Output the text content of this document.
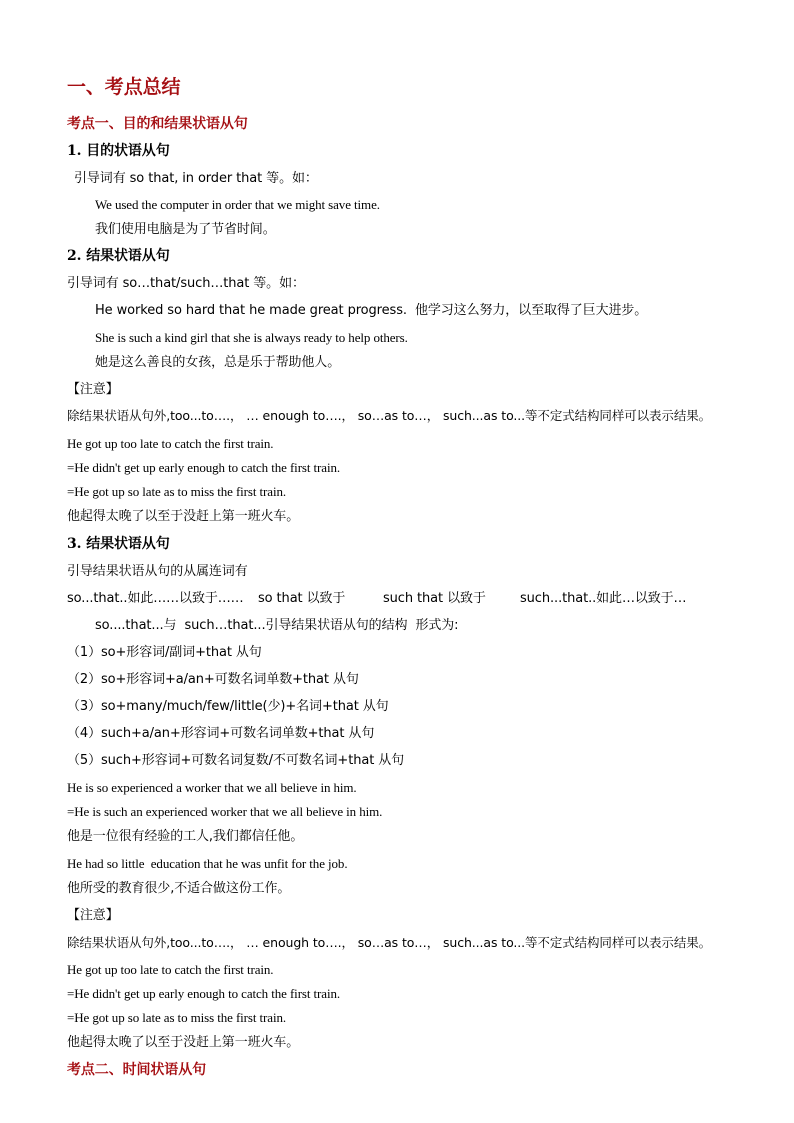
一、考点总结
考点一、目的和结果状语从句
1. 目的状语从句
引导词有 so that, in order that 等。如：
We used the computer in order that we might save time.
我们使用电脑是为了节省时间。
2. 结果状语从句
引导词有 so…that/such…that 等。如：
He worked so hard that he made great progress.  他学习这么努力，以至取得了巨大进步。
She is such a kind girl that she is always ready to help others.
她是这么善良的女孩，总是乐于帮助他人。
【注意】
除结果状语从句外,too...to….， … enough to….， so…as to…， such...as to...等不定式结构同样可以表示结果。
He got up too late to catch the first train.
=He didn't get up early enough to catch the first train.
=He got up so late as to miss the first train.
他起得太晚了以至于没赶上第一班火车。
3. 结果状语从句
引导结果状语从句的从属连词有

so...that..如此……以致于……

so that 以致于

	such that 以致于

	such...that..如此…以致于…

so....that...与  such…that...引导结果状语从句的结构  形式为:
（1）so+形容词/副词+that 从句
（2）so+形容词+a/an+可数名词单数+that 从句
（3）so+many/much/few/little(少)+名词+that 从句
（4）such+a/an+形容词+可数名词单数+that 从句
（5）such+形容词+可数名词复数/不可数名词+that 从句
He is so experienced a worker that we all believe in him.
=He is such an experienced worker that we all believe in him.
他是一位很有经验的工人,我们都信任他。
He had so little  education that he was unfit for the job.
他所受的教育很少,不适合做这份工作。
【注意】
除结果状语从句外,too...to….， … enough to….， so…as to…， such...as to...等不定式结构同样可以表示结果。
He got up too late to catch the first train.
=He didn't get up early enough to catch the first train.
=He got up so late as to miss the first train.
他起得太晚了以至于没赶上第一班火车。
考点二、时间状语从句
